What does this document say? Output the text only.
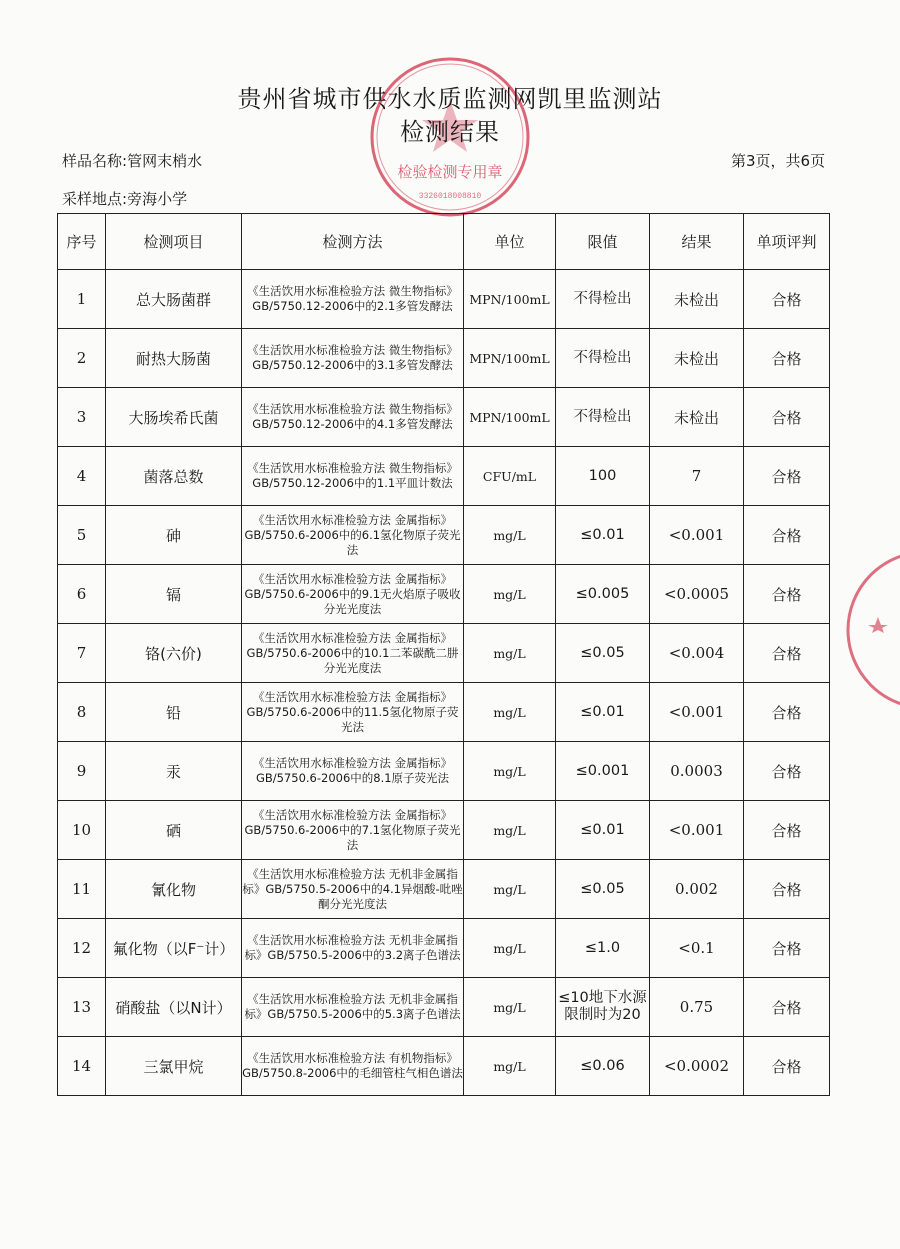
检验检测专用章
3326018008810
贵州省城市供水水质监测网凯里监测站
检测结果
样品名称:管网末梢水	第3页，共6页
采样地点:旁海小学
序号	检测项目	检测方法	单位	限值	结果	单项评判
1	总大肠菌群	《生活饮用水标准检验方法 微生物指标》GB/5750.12-2006中的2.1多管发酵法	MPN/100mL	不得检出	未检出	合格
2	耐热大肠菌	《生活饮用水标准检验方法 微生物指标》GB/5750.12-2006中的3.1多管发酵法	MPN/100mL	不得检出	未检出	合格
3	大肠埃希氏菌	《生活饮用水标准检验方法 微生物指标》GB/5750.12-2006中的4.1多管发酵法	MPN/100mL	不得检出	未检出	合格
4	菌落总数	《生活饮用水标准检验方法 微生物指标》GB/5750.12-2006中的1.1平皿计数法	CFU/mL	100	7	合格
5	砷	《生活饮用水标准检验方法 金属指标》GB/5750.6-2006中的6.1氢化物原子荧光法	mg/L	≤0.01	<0.001	合格
6	镉	《生活饮用水标准检验方法 金属指标》GB/5750.6-2006中的9.1无火焰原子吸收分光光度法	mg/L	≤0.005	<0.0005	合格
7	铬(六价)	《生活饮用水标准检验方法 金属指标》GB/5750.6-2006中的10.1二苯碳酰二肼分光光度法	mg/L	≤0.05	<0.004	合格
8	铅	《生活饮用水标准检验方法 金属指标》GB/5750.6-2006中的11.5氢化物原子荧光法	mg/L	≤0.01	<0.001	合格
9	汞	《生活饮用水标准检验方法 金属指标》GB/5750.6-2006中的8.1原子荧光法	mg/L	≤0.001	0.0003	合格
10	硒	《生活饮用水标准检验方法 金属指标》GB/5750.6-2006中的7.1氢化物原子荧光法	mg/L	≤0.01	<0.001	合格
11	氰化物	《生活饮用水标准检验方法 无机非金属指标》GB/5750.5-2006中的4.1异烟酸-吡唑酮分光光度法	mg/L	≤0.05	0.002	合格
12	氟化物（以F⁻计）	《生活饮用水标准检验方法 无机非金属指标》GB/5750.5-2006中的3.2离子色谱法	mg/L	≤1.0	<0.1	合格
13	硝酸盐（以N计）	《生活饮用水标准检验方法 无机非金属指标》GB/5750.5-2006中的5.3离子色谱法	mg/L	≤10地下水源限制时为20	0.75	合格
14	三氯甲烷	《生活饮用水标准检验方法 有机物指标》GB/5750.8-2006中的毛细管柱气相色谱法	mg/L	≤0.06	<0.0002	合格
